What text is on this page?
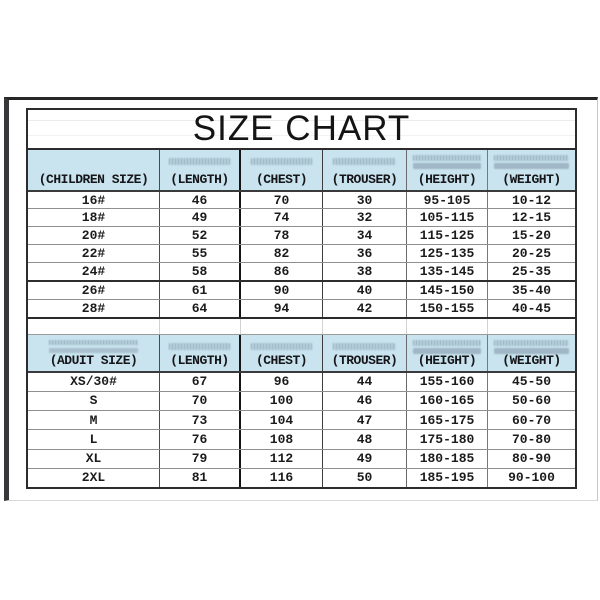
SIZE CHART
(CHILDREN SIZE) (LENGTH) (CHEST) (TROUSER) (HEIGHT) (WEIGHT)
16#	46	70	30	95-105	10-12
18#	49	74	32	105-115	12-15
20#	52	78	34	115-125	15-20
22#	55	82	36	125-135	20-25
24#	58	86	38	135-145	25-35
26#	61	90	40	145-150	35-40
28#	64	94	42	150-155	40-45
(ADUIT SIZE)	(LENGTH) (CHEST) (TROUSER) (HEIGHT) (WEIGHT)
XS/30#	67	96	44	155-160	45-50
S	70	100	46	160-165	50-60
M	73	104	47	165-175	60-70
L	76	108	48	175-180	70-80
XL	79	112	49	180-185	80-90
2XL	81	116	50	185-195	90-100
